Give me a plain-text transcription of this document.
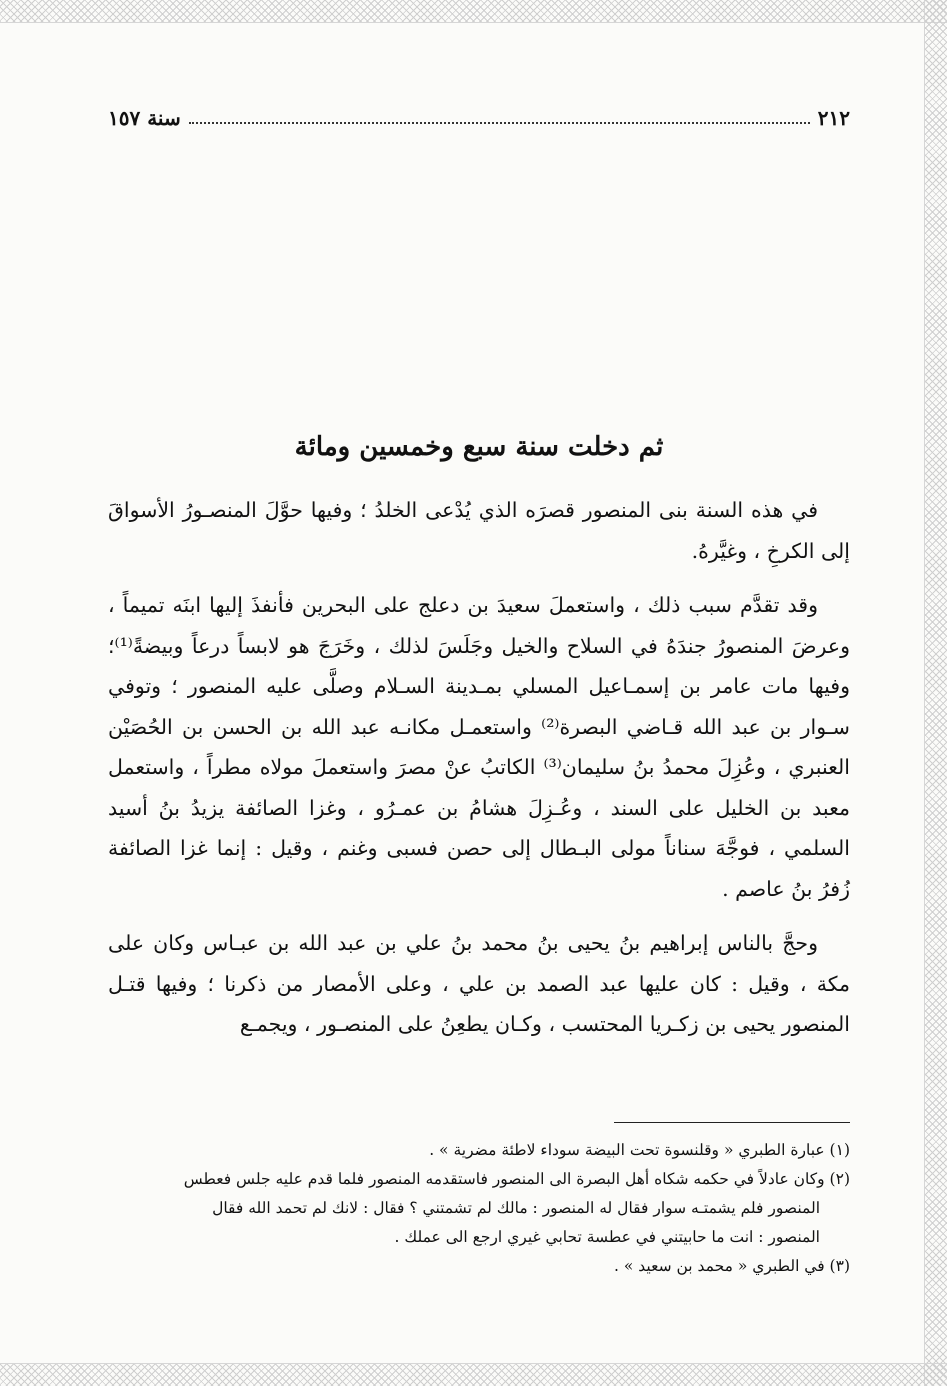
٢١٢
سنة ١٥٧
ثم دخلت سنة سبع وخمسين ومائة

في هذه السنة بنى المنصور قصرَه الذي يُدْعى الخلدُ ؛ وفيها حوَّلَ المنصـورُ الأسواقَ إلى الكرخِ ، وغيَّرهُ.

وقد تقدَّم سبب ذلك ، واستعملَ سعيدَ بن دعلج على البحرين فأنفذَ إليها ابنَه تميماً ، وعرضَ المنصورُ جندَهُ في السلاح والخيل وجَلَسَ لذلك ، وخَرَجَ هو لابساً درعاً وبيضةً⁽¹⁾؛ وفيها مات عامر بن إسمـاعيل المسلي بمـدينة السـلام وصلَّى عليه المنصور ؛ وتوفي سـوار بن عبد الله قـاضي البصرة⁽²⁾ واستعمـل مكانـه عبد الله بن الحسن بن الحُصَيْن العنبري ، وعُزِلَ محمدُ بنُ سليمان⁽³⁾ الكاتبُ عنْ مصرَ واستعملَ مولاه مطراً ، واستعمل معبد بن الخليل على السند ، وعُـزِلَ هشامُ بن عمـرُو ، وغزا الصائفة يزيدُ بنُ أسيد السلمي ، فوجَّهَ سناناً مولى البـطال إلى حصن فسبى وغنم ، وقيل : إنما غزا الصائفة زُفرُ بنُ عاصم .

وحجَّ بالناس إبراهيم بنُ يحيى بنُ محمد بنُ علي بن عبد الله بن عبـاس وكان على مكة ، وقيل : كان عليها عبد الصمد بن علي ، وعلى الأمصار من ذكرنا ؛ وفيها قتـل المنصور يحيى بن زكـريا المحتسب ، وكـان يطعِنُ على المنصـور ، ويجمـع

(١) عبارة الطبري « وقلنسوة تحت البيضة سوداء لاطئة مضرية » .
(٢) وكان عادلاً في حكمه شكاه أهل البصرة الى المنصور فاستقدمه المنصور فلما قدم عليه جلس فعطس
المنصور فلم يشمتـه سوار فقال له المنصور : مالك لم تشمتني ؟ فقال : لانك لم تحمد الله فقال
المنصور : انت ما حابيتني في عطسة تحابي غيري ارجع الى عملك .
(٣) في الطبري « محمد بن سعيد » .
